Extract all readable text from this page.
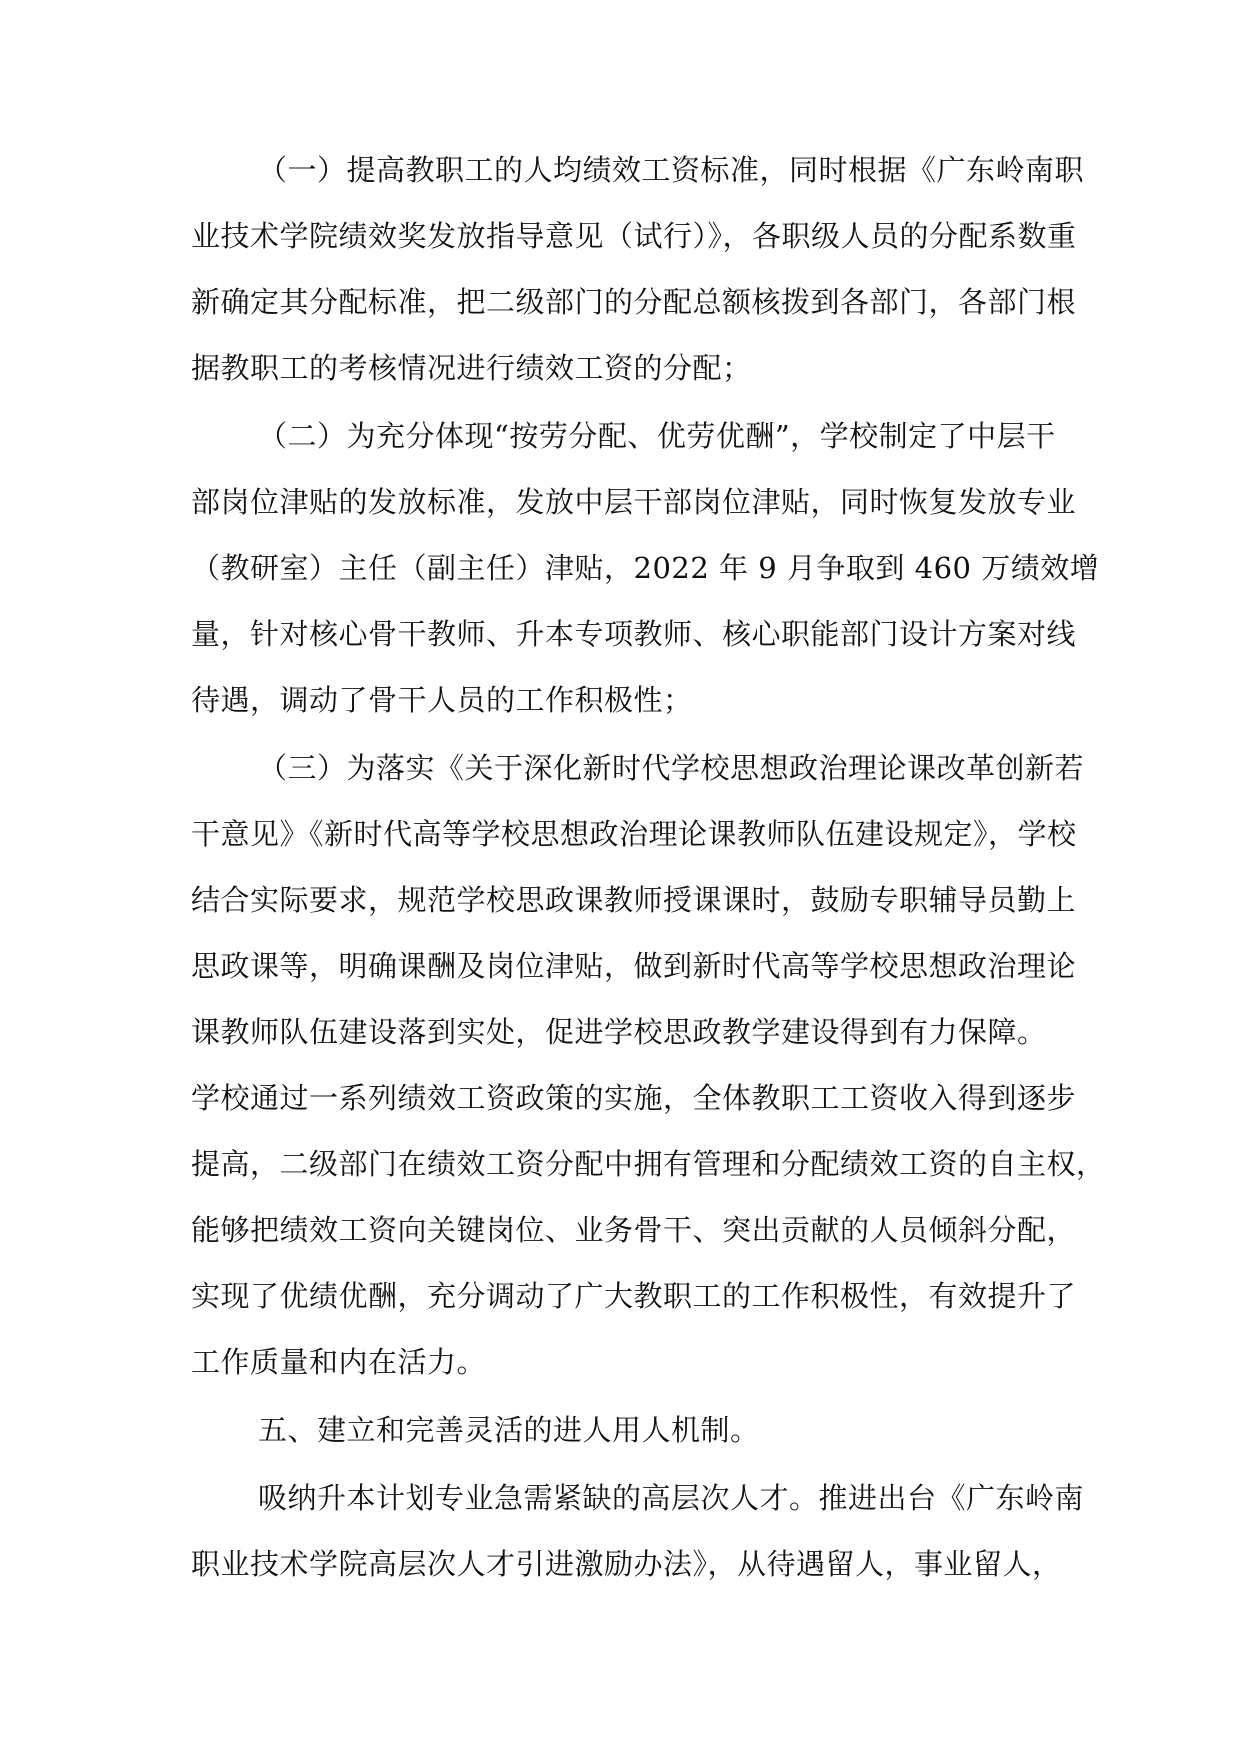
（一）提高教职工的人均绩效工资标准，同时根据《广东岭南职
业技术学院绩效奖发放指导意见（试行）》，各职级人员的分配系数重
新确定其分配标准，把二级部门的分配总额核拨到各部门，各部门根
据教职工的考核情况进行绩效工资的分配；
（二）为充分体现“按劳分配、优劳优酬”，学校制定了中层干
部岗位津贴的发放标准，发放中层干部岗位津贴，同时恢复发放专业
（教研室）主任（副主任）津贴，2022 年 9 月争取到 460 万绩效增
量，针对核心骨干教师、升本专项教师、核心职能部门设计方案对线
待遇，调动了骨干人员的工作积极性；
（三）为落实《关于深化新时代学校思想政治理论课改革创新若
干意见》《新时代高等学校思想政治理论课教师队伍建设规定》，学校
结合实际要求，规范学校思政课教师授课课时，鼓励专职辅导员勤上
思政课等，明确课酬及岗位津贴，做到新时代高等学校思想政治理论
课教师队伍建设落到实处，促进学校思政教学建设得到有力保障。
学校通过一系列绩效工资政策的实施，全体教职工工资收入得到逐步
提高，二级部门在绩效工资分配中拥有管理和分配绩效工资的自主权，
能够把绩效工资向关键岗位、业务骨干、突出贡献的人员倾斜分配，
实现了优绩优酬，充分调动了广大教职工的工作积极性，有效提升了
工作质量和内在活力。
五、建立和完善灵活的进人用人机制。
吸纳升本计划专业急需紧缺的高层次人才。推进出台《广东岭南
职业技术学院高层次人才引进激励办法》，从待遇留人，事业留人，
